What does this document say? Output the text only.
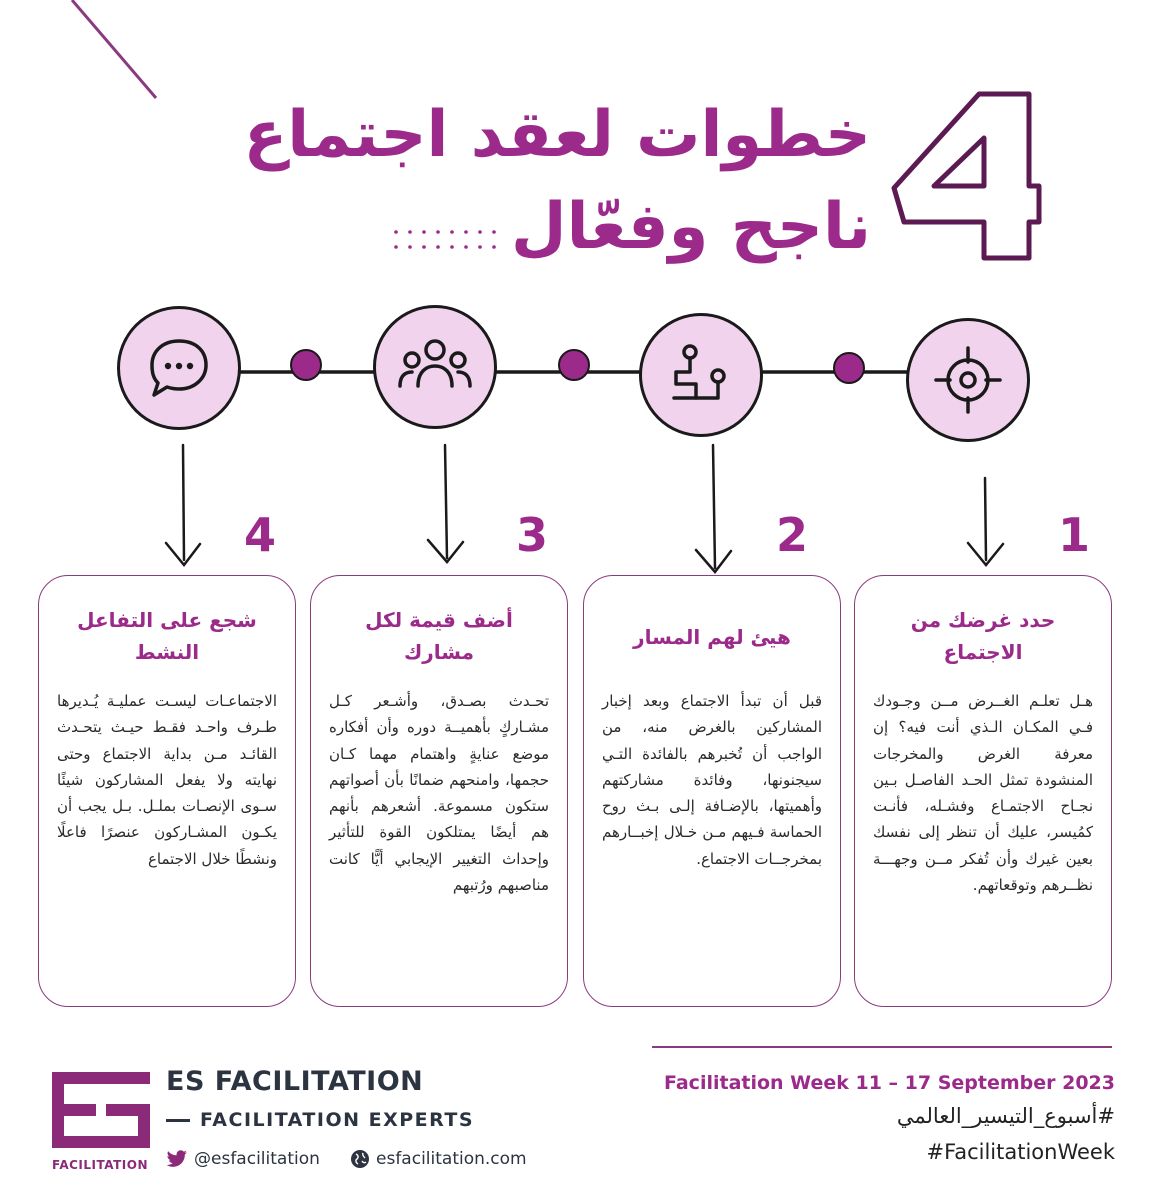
خطوات لعقد اجتماع
ناجح وفعّال
4	3	2	1
حدد غرضك من الاجتماع

هـل تعلـم الغــرض مــن وجـودك فـي المكـان الـذي أنت فيه؟ إن معرفة الغرض والمخرجات المنشودة تمثل الحـد الفاصـل بـين نجـاح الاجتمـاع وفشـله، فأنـت كمُيسر، عليك أن تنظر إلى نفسك بعين غيرك وأن تُفكر مــن وجهـــة نظــرهم وتوقعاتهم.

هيئ لهم المسار

قبل أن تبدأ الاجتماع وبعد إخبار المشاركين بالغرض منه، من الواجب أن تُخبرهم بالفائدة التـي سيجنونها، وفائدة مشاركتهم وأهميتها، بالإضـافة إلـى بـث روح الحماسة فـيهم مـن خـلال إخبــارهم بمخرجــات الاجتماع.

أضف قيمة لكل مشارك

تحـدث بصـدق، وأشـعر كـل مشـاركٍ بأهميــة دوره وأن أفكاره موضع عنايةٍ واهتمام مهما كـان حجمها، وامنحهم ضمانًا بأن أصواتهم ستكون مسموعة. أشعرهم بأنهم هم أيضًا يمتلكون القوة للتأثير وإحداث التغيير الإيجابي أيًّا كانت مناصبهم ورُتبهم

شجع على التفاعل النشط

الاجتماعـات ليسـت عمليـة يُـديرها طـرف واحـد فقـط حيـث يتحـدث القائـد مـن بداية الاجتماع وحتى نهايته ولا يفعل المشاركون شيئًا سـوى الإنصـات بملـل. بـل يجب أن يكـون المشـاركون عنصرًا فاعلًا ونشطًا خلال الاجتماع

FACILITATION
ES FACILITATION
FACILITATION EXPERTS
@esfacilitation	esfacilitation.com
Facilitation Week 11 – 17 September 2023
#أسبوع_التيسير_العالمي
#FacilitationWeek
